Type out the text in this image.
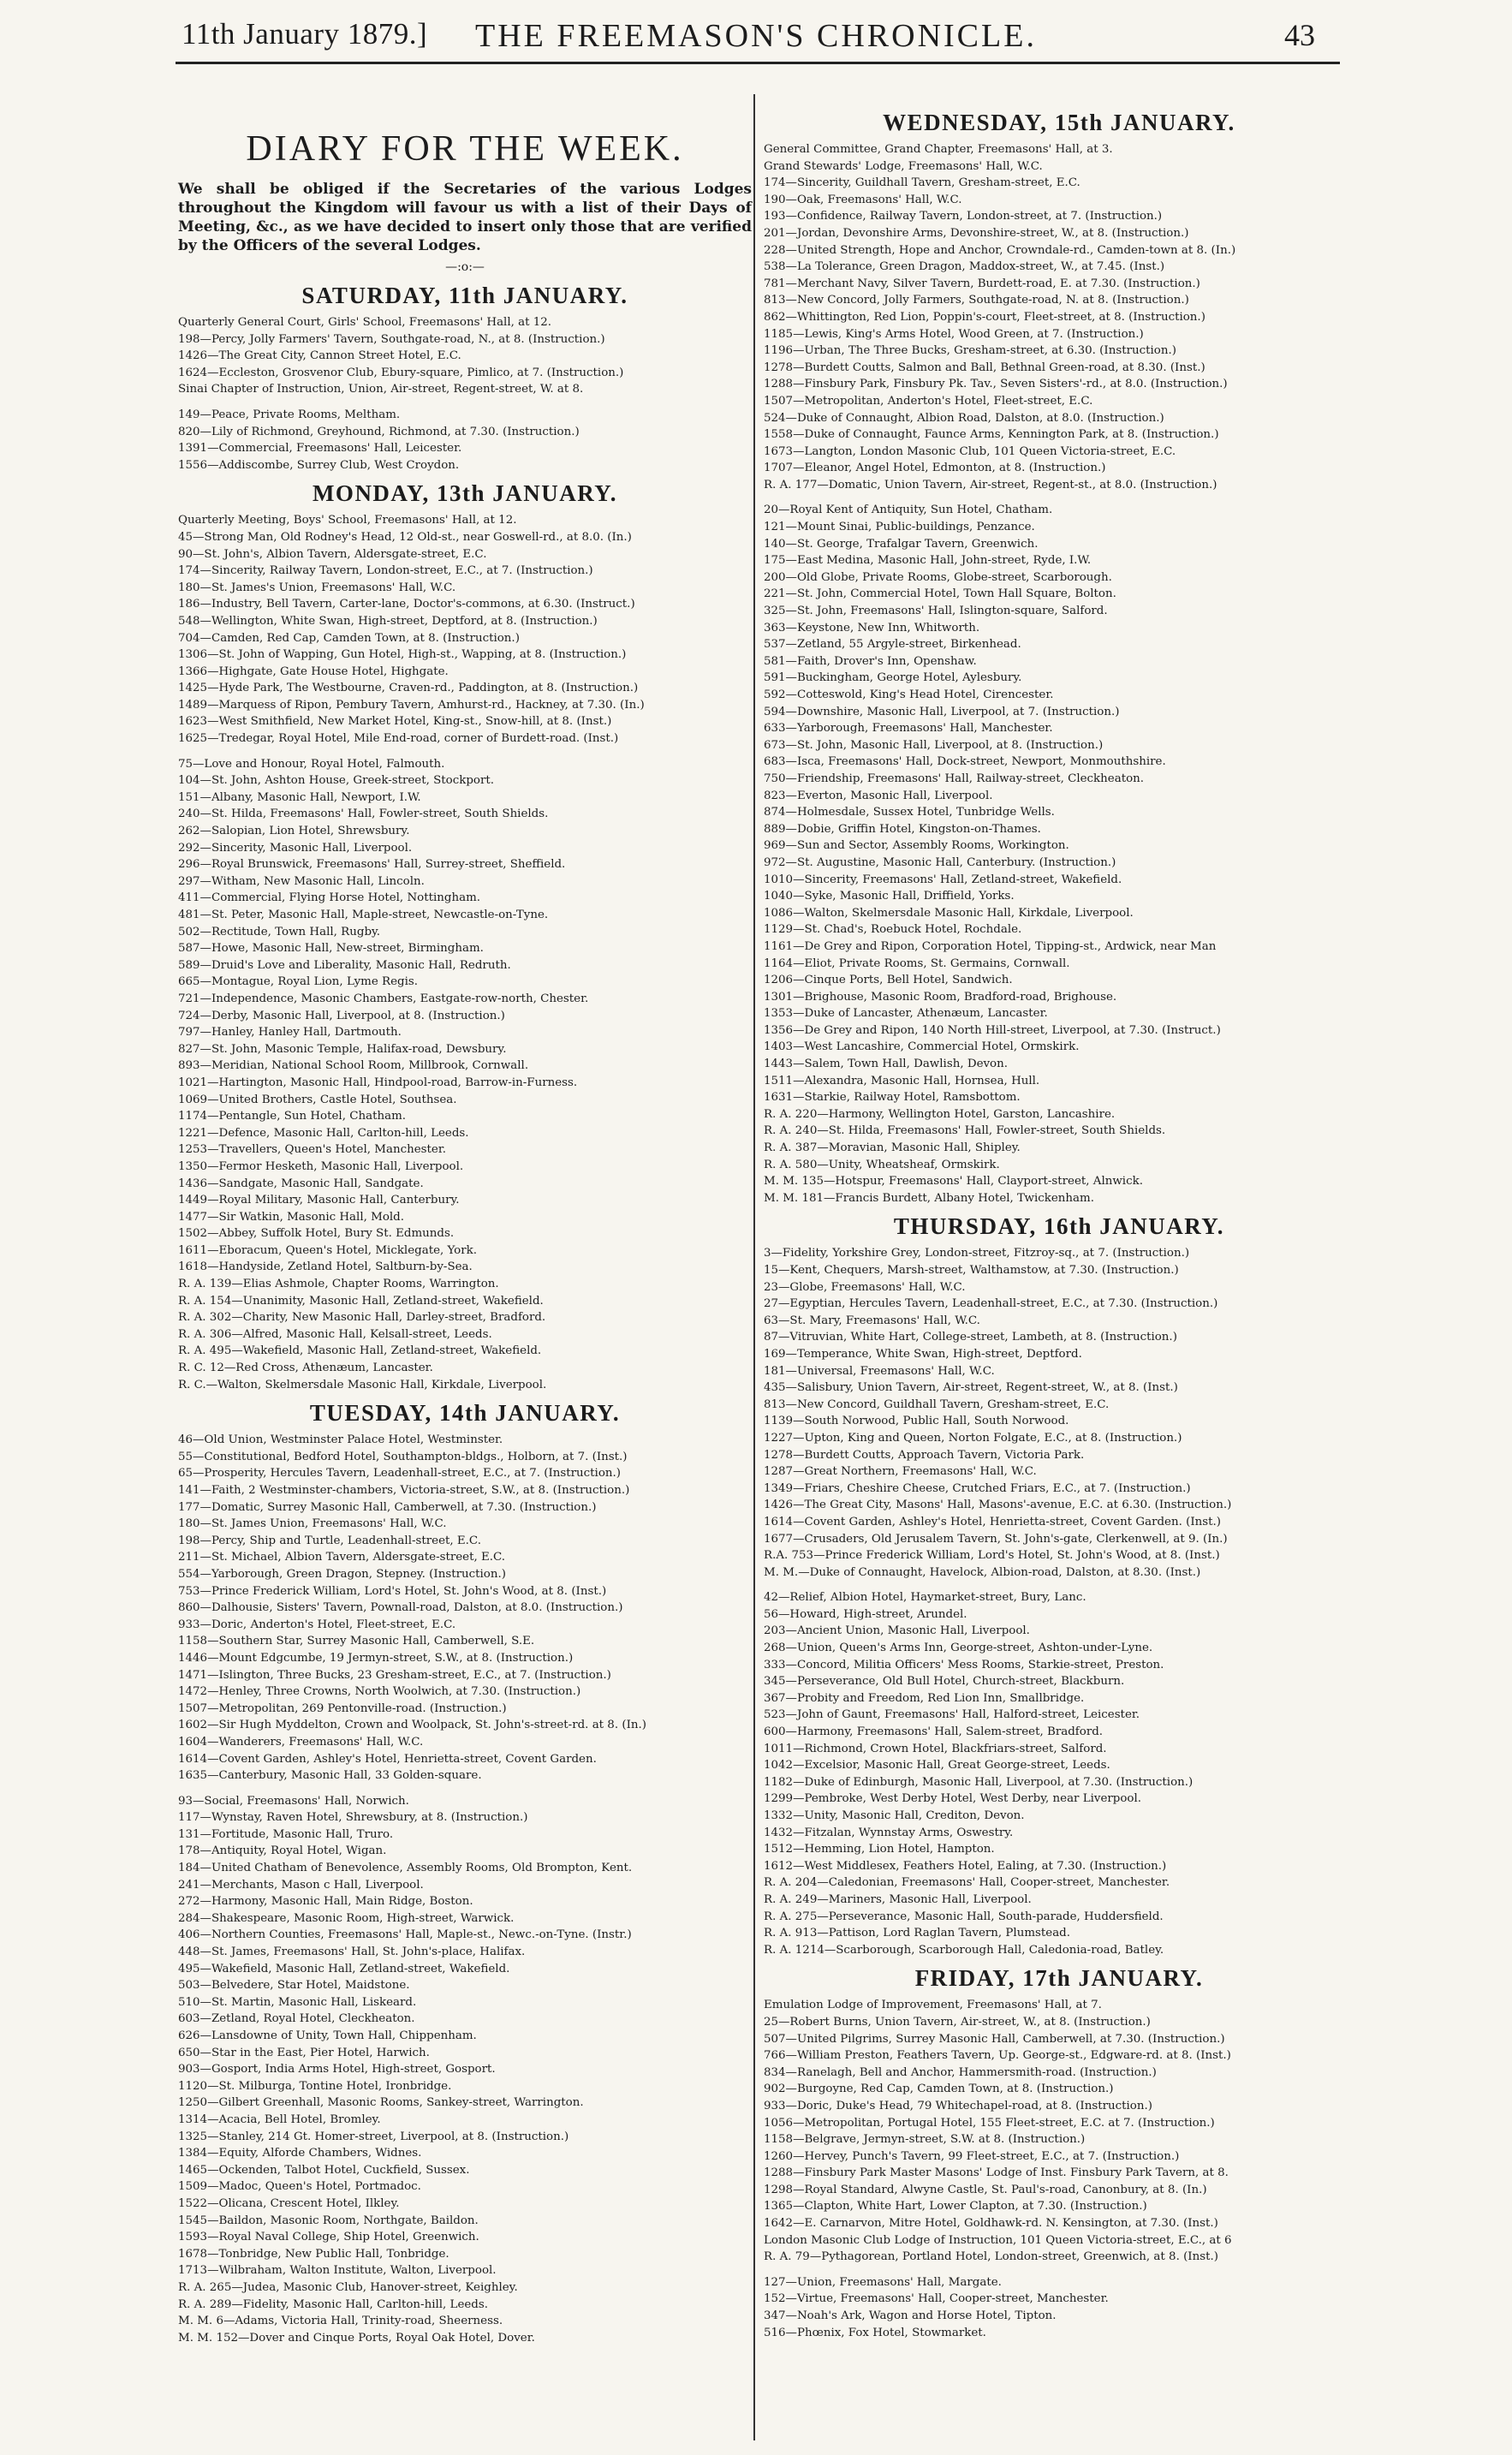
11th January 1879.] THE FREEMASON'S CHRONICLE.	43
DIARY FOR THE WEEK.

We shall be obliged if the Secretaries of the various Lodges throughout the Kingdom will favour us with a list of their Days of Meeting, &c., as we have decided to insert only those that are verified by the Officers of the several Lodges.

—:o:—
SATURDAY, 11th JANUARY.
Quarterly General Court, Girls' School, Freemasons' Hall, at 12.
198—Percy, Jolly Farmers' Tavern, Southgate-road, N., at 8. (Instruction.)
1426—The Great City, Cannon Street Hotel, E.C.
1624—Eccleston, Grosvenor Club, Ebury-square, Pimlico, at 7. (Instruction.)
Sinai Chapter of Instruction, Union, Air-street, Regent-street, W. at 8.
149—Peace, Private Rooms, Meltham.
820—Lily of Richmond, Greyhound, Richmond, at 7.30. (Instruction.)
1391—Commercial, Freemasons' Hall, Leicester.
1556—Addiscombe, Surrey Club, West Croydon.
MONDAY, 13th JANUARY.
Quarterly Meeting, Boys' School, Freemasons' Hall, at 12.
45—Strong Man, Old Rodney's Head, 12 Old-st., near Goswell-rd., at 8.0. (In.)
90—St. John's, Albion Tavern, Aldersgate-street, E.C.
174—Sincerity, Railway Tavern, London-street, E.C., at 7. (Instruction.)
180—St. James's Union, Freemasons' Hall, W.C.
186—Industry, Bell Tavern, Carter-lane, Doctor's-commons, at 6.30. (Instruct.)
548—Wellington, White Swan, High-street, Deptford, at 8. (Instruction.)
704—Camden, Red Cap, Camden Town, at 8. (Instruction.)
1306—St. John of Wapping, Gun Hotel, High-st., Wapping, at 8. (Instruction.)
1366—Highgate, Gate House Hotel, Highgate.
1425—Hyde Park, The Westbourne, Craven-rd., Paddington, at 8. (Instruction.)
1489—Marquess of Ripon, Pembury Tavern, Amhurst-rd., Hackney, at 7.30. (In.)
1623—West Smithfield, New Market Hotel, King-st., Snow-hill, at 8. (Inst.)
1625—Tredegar, Royal Hotel, Mile End-road, corner of Burdett-road. (Inst.)
75—Love and Honour, Royal Hotel, Falmouth.
104—St. John, Ashton House, Greek-street, Stockport.
151—Albany, Masonic Hall, Newport, I.W.
240—St. Hilda, Freemasons' Hall, Fowler-street, South Shields.
262—Salopian, Lion Hotel, Shrewsbury.
292—Sincerity, Masonic Hall, Liverpool.
296—Royal Brunswick, Freemasons' Hall, Surrey-street, Sheffield.
297—Witham, New Masonic Hall, Lincoln.
411—Commercial, Flying Horse Hotel, Nottingham.
481—St. Peter, Masonic Hall, Maple-street, Newcastle-on-Tyne.
502—Rectitude, Town Hall, Rugby.
587—Howe, Masonic Hall, New-street, Birmingham.
589—Druid's Love and Liberality, Masonic Hall, Redruth.
665—Montague, Royal Lion, Lyme Regis.
721—Independence, Masonic Chambers, Eastgate-row-north, Chester.
724—Derby, Masonic Hall, Liverpool, at 8. (Instruction.)
797—Hanley, Hanley Hall, Dartmouth.
827—St. John, Masonic Temple, Halifax-road, Dewsbury.
893—Meridian, National School Room, Millbrook, Cornwall.
1021—Hartington, Masonic Hall, Hindpool-road, Barrow-in-Furness.
1069—United Brothers, Castle Hotel, Southsea.
1174—Pentangle, Sun Hotel, Chatham.
1221—Defence, Masonic Hall, Carlton-hill, Leeds.
1253—Travellers, Queen's Hotel, Manchester.
1350—Fermor Hesketh, Masonic Hall, Liverpool.
1436—Sandgate, Masonic Hall, Sandgate.
1449—Royal Military, Masonic Hall, Canterbury.
1477—Sir Watkin, Masonic Hall, Mold.
1502—Abbey, Suffolk Hotel, Bury St. Edmunds.
1611—Eboracum, Queen's Hotel, Micklegate, York.
1618—Handyside, Zetland Hotel, Saltburn-by-Sea.
R. A. 139—Elias Ashmole, Chapter Rooms, Warrington.
R. A. 154—Unanimity, Masonic Hall, Zetland-street, Wakefield.
R. A. 302—Charity, New Masonic Hall, Darley-street, Bradford.
R. A. 306—Alfred, Masonic Hall, Kelsall-street, Leeds.
R. A. 495—Wakefield, Masonic Hall, Zetland-street, Wakefield.
R. C. 12—Red Cross, Athenæum, Lancaster.
R. C.—Walton, Skelmersdale Masonic Hall, Kirkdale, Liverpool.
TUESDAY, 14th JANUARY.
46—Old Union, Westminster Palace Hotel, Westminster.
55—Constitutional, Bedford Hotel, Southampton-bldgs., Holborn, at 7. (Inst.)
65—Prosperity, Hercules Tavern, Leadenhall-street, E.C., at 7. (Instruction.)
141—Faith, 2 Westminster-chambers, Victoria-street, S.W., at 8. (Instruction.)
177—Domatic, Surrey Masonic Hall, Camberwell, at 7.30. (Instruction.)
180—St. James Union, Freemasons' Hall, W.C.
198—Percy, Ship and Turtle, Leadenhall-street, E.C.
211—St. Michael, Albion Tavern, Aldersgate-street, E.C.
554—Yarborough, Green Dragon, Stepney. (Instruction.)
753—Prince Frederick William, Lord's Hotel, St. John's Wood, at 8. (Inst.)
860—Dalhousie, Sisters' Tavern, Pownall-road, Dalston, at 8.0. (Instruction.)
933—Doric, Anderton's Hotel, Fleet-street, E.C.
1158—Southern Star, Surrey Masonic Hall, Camberwell, S.E.
1446—Mount Edgcumbe, 19 Jermyn-street, S.W., at 8. (Instruction.)
1471—Islington, Three Bucks, 23 Gresham-street, E.C., at 7. (Instruction.)
1472—Henley, Three Crowns, North Woolwich, at 7.30. (Instruction.)
1507—Metropolitan, 269 Pentonville-road. (Instruction.)
1602—Sir Hugh Myddelton, Crown and Woolpack, St. John's-street-rd. at 8. (In.)
1604—Wanderers, Freemasons' Hall, W.C.
1614—Covent Garden, Ashley's Hotel, Henrietta-street, Covent Garden.
1635—Canterbury, Masonic Hall, 33 Golden-square.
93—Social, Freemasons' Hall, Norwich.
117—Wynstay, Raven Hotel, Shrewsbury, at 8. (Instruction.)
131—Fortitude, Masonic Hall, Truro.
178—Antiquity, Royal Hotel, Wigan.
184—United Chatham of Benevolence, Assembly Rooms, Old Brompton, Kent.
241—Merchants, Mason c Hall, Liverpool.
272—Harmony, Masonic Hall, Main Ridge, Boston.
284—Shakespeare, Masonic Room, High-street, Warwick.
406—Northern Counties, Freemasons' Hall, Maple-st., Newc.-on-Tyne. (Instr.)
448—St. James, Freemasons' Hall, St. John's-place, Halifax.
495—Wakefield, Masonic Hall, Zetland-street, Wakefield.
503—Belvedere, Star Hotel, Maidstone.
510—St. Martin, Masonic Hall, Liskeard.
603—Zetland, Royal Hotel, Cleckheaton.
626—Lansdowne of Unity, Town Hall, Chippenham.
650—Star in the East, Pier Hotel, Harwich.
903—Gosport, India Arms Hotel, High-street, Gosport.
1120—St. Milburga, Tontine Hotel, Ironbridge.
1250—Gilbert Greenhall, Masonic Rooms, Sankey-street, Warrington.
1314—Acacia, Bell Hotel, Bromley.
1325—Stanley, 214 Gt. Homer-street, Liverpool, at 8. (Instruction.)
1384—Equity, Alforde Chambers, Widnes.
1465—Ockenden, Talbot Hotel, Cuckfield, Sussex.
1509—Madoc, Queen's Hotel, Portmadoc.
1522—Olicana, Crescent Hotel, Ilkley.
1545—Baildon, Masonic Room, Northgate, Baildon.
1593—Royal Naval College, Ship Hotel, Greenwich.
1678—Tonbridge, New Public Hall, Tonbridge.
1713—Wilbraham, Walton Institute, Walton, Liverpool.
R. A. 265—Judea, Masonic Club, Hanover-street, Keighley.
R. A. 289—Fidelity, Masonic Hall, Carlton-hill, Leeds.
M. M. 6—Adams, Victoria Hall, Trinity-road, Sheerness.
M. M. 152—Dover and Cinque Ports, Royal Oak Hotel, Dover.
WEDNESDAY, 15th JANUARY.
General Committee, Grand Chapter, Freemasons' Hall, at 3.
Grand Stewards' Lodge, Freemasons' Hall, W.C.
174—Sincerity, Guildhall Tavern, Gresham-street, E.C.
190—Oak, Freemasons' Hall, W.C.
193—Confidence, Railway Tavern, London-street, at 7. (Instruction.)
201—Jordan, Devonshire Arms, Devonshire-street, W., at 8. (Instruction.)
228—United Strength, Hope and Anchor, Crowndale-rd., Camden-town at 8. (In.)
538—La Tolerance, Green Dragon, Maddox-street, W., at 7.45. (Inst.)
781—Merchant Navy, Silver Tavern, Burdett-road, E. at 7.30. (Instruction.)
813—New Concord, Jolly Farmers, Southgate-road, N. at 8. (Instruction.)
862—Whittington, Red Lion, Poppin's-court, Fleet-street, at 8. (Instruction.)
1185—Lewis, King's Arms Hotel, Wood Green, at 7. (Instruction.)
1196—Urban, The Three Bucks, Gresham-street, at 6.30. (Instruction.)
1278—Burdett Coutts, Salmon and Ball, Bethnal Green-road, at 8.30. (Inst.)
1288—Finsbury Park, Finsbury Pk. Tav., Seven Sisters'-rd., at 8.0. (Instruction.)
1507—Metropolitan, Anderton's Hotel, Fleet-street, E.C.
524—Duke of Connaught, Albion Road, Dalston, at 8.0. (Instruction.)
1558—Duke of Connaught, Faunce Arms, Kennington Park, at 8. (Instruction.)
1673—Langton, London Masonic Club, 101 Queen Victoria-street, E.C.
1707—Eleanor, Angel Hotel, Edmonton, at 8. (Instruction.)
R. A. 177—Domatic, Union Tavern, Air-street, Regent-st., at 8.0. (Instruction.)
20—Royal Kent of Antiquity, Sun Hotel, Chatham.
121—Mount Sinai, Public-buildings, Penzance.
140—St. George, Trafalgar Tavern, Greenwich.
175—East Medina, Masonic Hall, John-street, Ryde, I.W.
200—Old Globe, Private Rooms, Globe-street, Scarborough.
221—St. John, Commercial Hotel, Town Hall Square, Bolton.
325—St. John, Freemasons' Hall, Islington-square, Salford.
363—Keystone, New Inn, Whitworth.
537—Zetland, 55 Argyle-street, Birkenhead.
581—Faith, Drover's Inn, Openshaw.
591—Buckingham, George Hotel, Aylesbury.
592—Cotteswold, King's Head Hotel, Cirencester.
594—Downshire, Masonic Hall, Liverpool, at 7. (Instruction.)
633—Yarborough, Freemasons' Hall, Manchester.
673—St. John, Masonic Hall, Liverpool, at 8. (Instruction.)
683—Isca, Freemasons' Hall, Dock-street, Newport, Monmouthshire.
750—Friendship, Freemasons' Hall, Railway-street, Cleckheaton.
823—Everton, Masonic Hall, Liverpool.
874—Holmesdale, Sussex Hotel, Tunbridge Wells.
889—Dobie, Griffin Hotel, Kingston-on-Thames.
969—Sun and Sector, Assembly Rooms, Workington.
972—St. Augustine, Masonic Hall, Canterbury. (Instruction.)
1010—Sincerity, Freemasons' Hall, Zetland-street, Wakefield.
1040—Syke, Masonic Hall, Driffield, Yorks.
1086—Walton, Skelmersdale Masonic Hall, Kirkdale, Liverpool.
1129—St. Chad's, Roebuck Hotel, Rochdale.
1161—De Grey and Ripon, Corporation Hotel, Tipping-st., Ardwick, near Man
1164—Eliot, Private Rooms, St. Germains, Cornwall.
1206—Cinque Ports, Bell Hotel, Sandwich.
1301—Brighouse, Masonic Room, Bradford-road, Brighouse.
1353—Duke of Lancaster, Athenæum, Lancaster.
1356—De Grey and Ripon, 140 North Hill-street, Liverpool, at 7.30. (Instruct.)
1403—West Lancashire, Commercial Hotel, Ormskirk.
1443—Salem, Town Hall, Dawlish, Devon.
1511—Alexandra, Masonic Hall, Hornsea, Hull.
1631—Starkie, Railway Hotel, Ramsbottom.
R. A. 220—Harmony, Wellington Hotel, Garston, Lancashire.
R. A. 240—St. Hilda, Freemasons' Hall, Fowler-street, South Shields.
R. A. 387—Moravian, Masonic Hall, Shipley.
R. A. 580—Unity, Wheatsheaf, Ormskirk.
M. M. 135—Hotspur, Freemasons' Hall, Clayport-street, Alnwick.
M. M. 181—Francis Burdett, Albany Hotel, Twickenham.
THURSDAY, 16th JANUARY.
3—Fidelity, Yorkshire Grey, London-street, Fitzroy-sq., at 7. (Instruction.)
15—Kent, Chequers, Marsh-street, Walthamstow, at 7.30. (Instruction.)
23—Globe, Freemasons' Hall, W.C.
27—Egyptian, Hercules Tavern, Leadenhall-street, E.C., at 7.30. (Instruction.)
63—St. Mary, Freemasons' Hall, W.C.
87—Vitruvian, White Hart, College-street, Lambeth, at 8. (Instruction.)
169—Temperance, White Swan, High-street, Deptford.
181—Universal, Freemasons' Hall, W.C.
435—Salisbury, Union Tavern, Air-street, Regent-street, W., at 8. (Inst.)
813—New Concord, Guildhall Tavern, Gresham-street, E.C.
1139—South Norwood, Public Hall, South Norwood.
1227—Upton, King and Queen, Norton Folgate, E.C., at 8. (Instruction.)
1278—Burdett Coutts, Approach Tavern, Victoria Park.
1287—Great Northern, Freemasons' Hall, W.C.
1349—Friars, Cheshire Cheese, Crutched Friars, E.C., at 7. (Instruction.)
1426—The Great City, Masons' Hall, Masons'-avenue, E.C. at 6.30. (Instruction.)
1614—Covent Garden, Ashley's Hotel, Henrietta-street, Covent Garden. (Inst.)
1677—Crusaders, Old Jerusalem Tavern, St. John's-gate, Clerkenwell, at 9. (In.)
R.A. 753—Prince Frederick William, Lord's Hotel, St. John's Wood, at 8. (Inst.)
M. M.—Duke of Connaught, Havelock, Albion-road, Dalston, at 8.30. (Inst.)
42—Relief, Albion Hotel, Haymarket-street, Bury, Lanc.
56—Howard, High-street, Arundel.
203—Ancient Union, Masonic Hall, Liverpool.
268—Union, Queen's Arms Inn, George-street, Ashton-under-Lyne.
333—Concord, Militia Officers' Mess Rooms, Starkie-street, Preston.
345—Perseverance, Old Bull Hotel, Church-street, Blackburn.
367—Probity and Freedom, Red Lion Inn, Smallbridge.
523—John of Gaunt, Freemasons' Hall, Halford-street, Leicester.
600—Harmony, Freemasons' Hall, Salem-street, Bradford.
1011—Richmond, Crown Hotel, Blackfriars-street, Salford.
1042—Excelsior, Masonic Hall, Great George-street, Leeds.
1182—Duke of Edinburgh, Masonic Hall, Liverpool, at 7.30. (Instruction.)
1299—Pembroke, West Derby Hotel, West Derby, near Liverpool.
1332—Unity, Masonic Hall, Crediton, Devon.
1432—Fitzalan, Wynnstay Arms, Oswestry.
1512—Hemming, Lion Hotel, Hampton.
1612—West Middlesex, Feathers Hotel, Ealing, at 7.30. (Instruction.)
R. A. 204—Caledonian, Freemasons' Hall, Cooper-street, Manchester.
R. A. 249—Mariners, Masonic Hall, Liverpool.
R. A. 275—Perseverance, Masonic Hall, South-parade, Huddersfield.
R. A. 913—Pattison, Lord Raglan Tavern, Plumstead.
R. A. 1214—Scarborough, Scarborough Hall, Caledonia-road, Batley.
FRIDAY, 17th JANUARY.
Emulation Lodge of Improvement, Freemasons' Hall, at 7.
25—Robert Burns, Union Tavern, Air-street, W., at 8. (Instruction.)
507—United Pilgrims, Surrey Masonic Hall, Camberwell, at 7.30. (Instruction.)
766—William Preston, Feathers Tavern, Up. George-st., Edgware-rd. at 8. (Inst.)
834—Ranelagh, Bell and Anchor, Hammersmith-road. (Instruction.)
902—Burgoyne, Red Cap, Camden Town, at 8. (Instruction.)
933—Doric, Duke's Head, 79 Whitechapel-road, at 8. (Instruction.)
1056—Metropolitan, Portugal Hotel, 155 Fleet-street, E.C. at 7. (Instruction.)
1158—Belgrave, Jermyn-street, S.W. at 8. (Instruction.)
1260—Hervey, Punch's Tavern, 99 Fleet-street, E.C., at 7. (Instruction.)
1288—Finsbury Park Master Masons' Lodge of Inst. Finsbury Park Tavern, at 8.
1298—Royal Standard, Alwyne Castle, St. Paul's-road, Canonbury, at 8. (In.)
1365—Clapton, White Hart, Lower Clapton, at 7.30. (Instruction.)
1642—E. Carnarvon, Mitre Hotel, Goldhawk-rd. N. Kensington, at 7.30. (Inst.)
London Masonic Club Lodge of Instruction, 101 Queen Victoria-street, E.C., at 6
R. A. 79—Pythagorean, Portland Hotel, London-street, Greenwich, at 8. (Inst.)
127—Union, Freemasons' Hall, Margate.
152—Virtue, Freemasons' Hall, Cooper-street, Manchester.
347—Noah's Ark, Wagon and Horse Hotel, Tipton.
516—Phœnix, Fox Hotel, Stowmarket.
